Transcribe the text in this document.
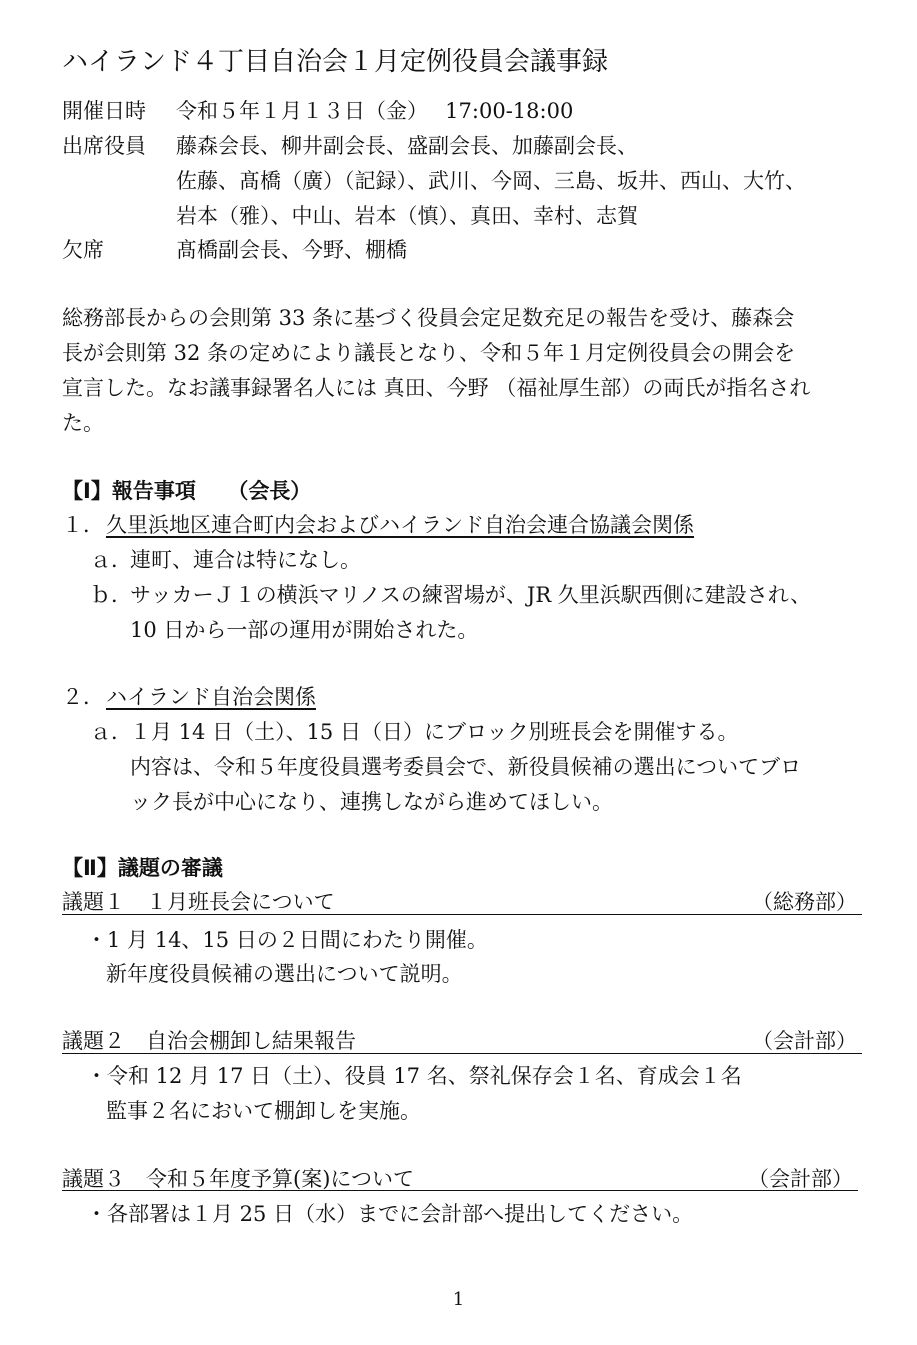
ハイランド４丁目自治会１月定例役員会議事録
開催日時 令和５年１月１３日（金）　 17:00-18:00
出席役員 藤森会長、柳井副会長、盛副会長、加藤副会長、
佐藤、髙橋（廣）（記録）、武川、今岡、三島、坂井、西山、大竹、
岩本（雅）、中山、岩本（慎）、真田、幸村、志賀
欠席	髙橋副会長、今野、棚橋
総務部長からの会則第 33 条に基づく役員会定足数充足の報告を受け、藤森会
長が会則第 32 条の定めにより議長となり、令和５年１月定例役員会の開会を
宣言した。なお議事録署名人には 真田、今野 （福祉厚生部）の両氏が指名され
た。
【Ⅰ】報告事項　　（会長）
１． 久里浜地区連合町内会およびハイランド自治会連合協議会関係
ａ．
連町、連合は特になし。
ｂ．
サッカーＪ１の横浜マリノスの練習場が、JR 久里浜駅西側に建設され、
10 日から一部の運用が開始された。
２． ハイランド自治会関係
ａ．
１月 14 日（土）、15 日（日）にブロック別班長会を開催する。
内容は、令和５年度役員選考委員会で、新役員候補の選出についてブロ
ック長が中心になり、連携しながら進めてほしい。
【Ⅱ】議題の審議
議題１　１月班長会について	（総務部）
・1 月 14、15 日の２日間にわたり開催。
新年度役員候補の選出について説明。
議題２　自治会棚卸し結果報告	（会計部）
・令和 12 月 17 日（土）、役員 17 名、祭礼保存会１名、育成会１名
監事２名において棚卸しを実施。
議題３　令和５年度予算(案)について	（会計部）
・各部署は１月 25 日（水）までに会計部へ提出してください。
1
